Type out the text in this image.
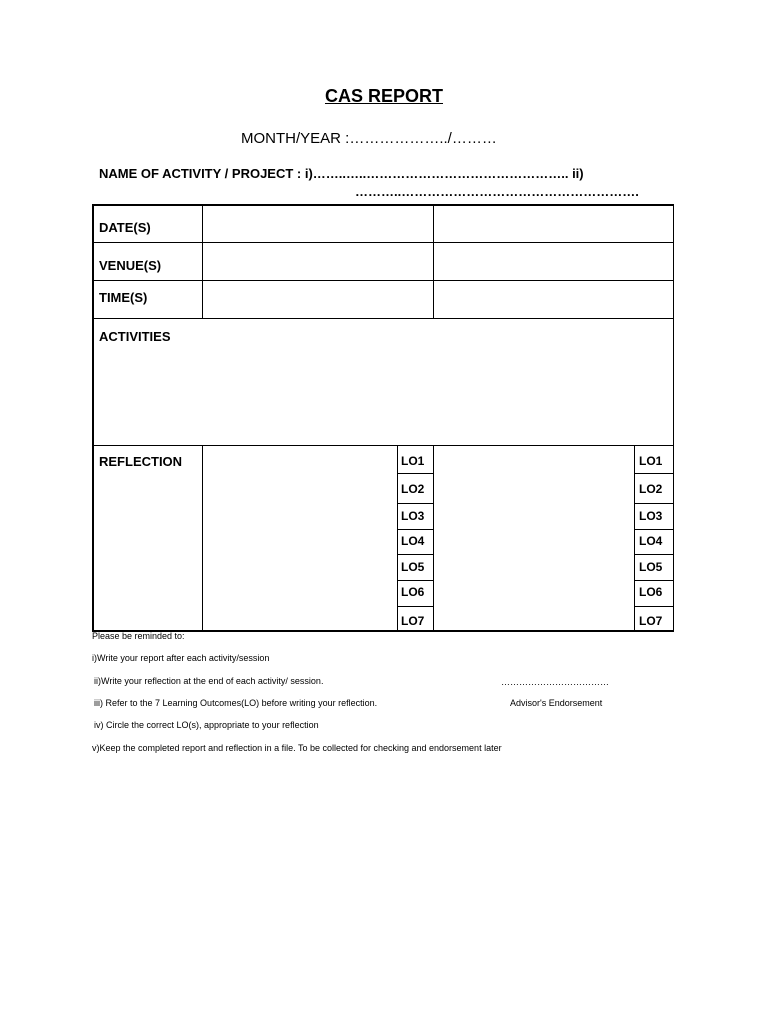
CAS REPORT
MONTH/YEAR :………………../………
NAME OF ACTIVITY / PROJECT : i)……..…..……………………………………….. ii)
………..……………………………………………….
DATE(S)
VENUE(S)
TIME(S)
ACTIVITIES
REFLECTION	LO1
LO2
LO3
LO4
LO5
LO6
LO7
LO1
LO2
LO3
LO4
LO5
LO6
LO7
Please be reminded to:
i)Write your report after each activity/session
ii)Write your reflection at the end of each activity/ session.
iii) Refer to the 7 Learning Outcomes(LO) before writing your reflection.
iv) Circle the correct LO(s), appropriate to your reflection
v)Keep the completed report and reflection in a file. To be collected for checking and endorsement later
………………………………
Advisor's Endorsement
